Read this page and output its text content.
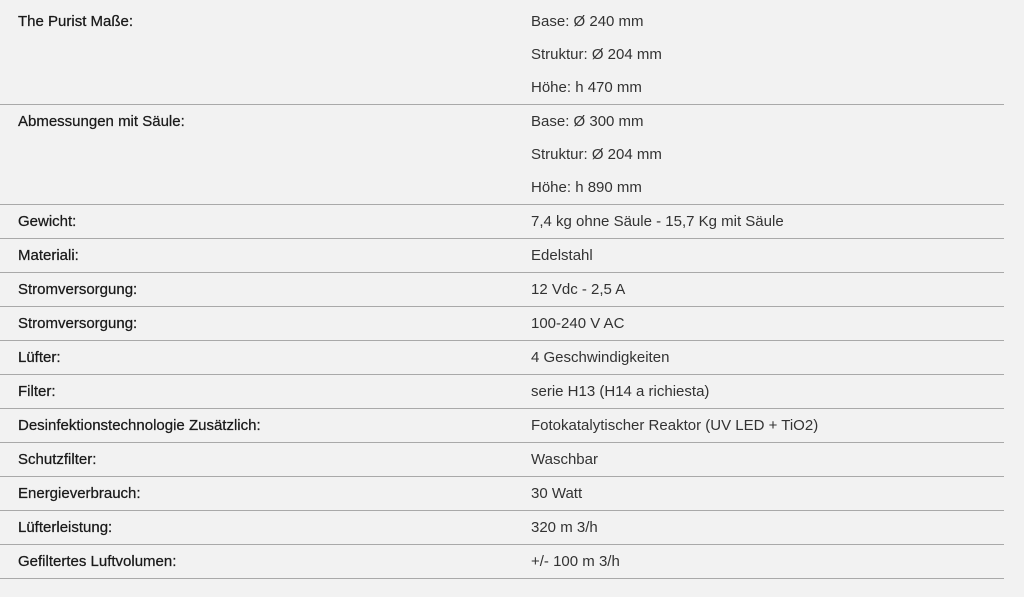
The Purist Maße:	Base: Ø 240 mm
Struktur: Ø 204 mm
Höhe: h 470 mm
Abmessungen mit Säule:	Base: Ø 300 mm
Struktur: Ø 204 mm
Höhe: h 890 mm
Gewicht:	7,4 kg ohne Säule - 15,7 Kg mit Säule
Materiali:	Edelstahl
Stromversorgung:	12 Vdc - 2,5 A
Stromversorgung:	100-240 V AC
Lüfter:	4 Geschwindigkeiten
Filter:	serie H13 (H14 a richiesta)
Desinfektionstechnologie Zusätzlich:	Fotokatalytischer Reaktor (UV LED + TiO2)
Schutzfilter:	Waschbar
Energieverbrauch:	30 Watt
Lüfterleistung:	320 m 3/h
Gefiltertes Luftvolumen:	+/- 100 m 3/h
